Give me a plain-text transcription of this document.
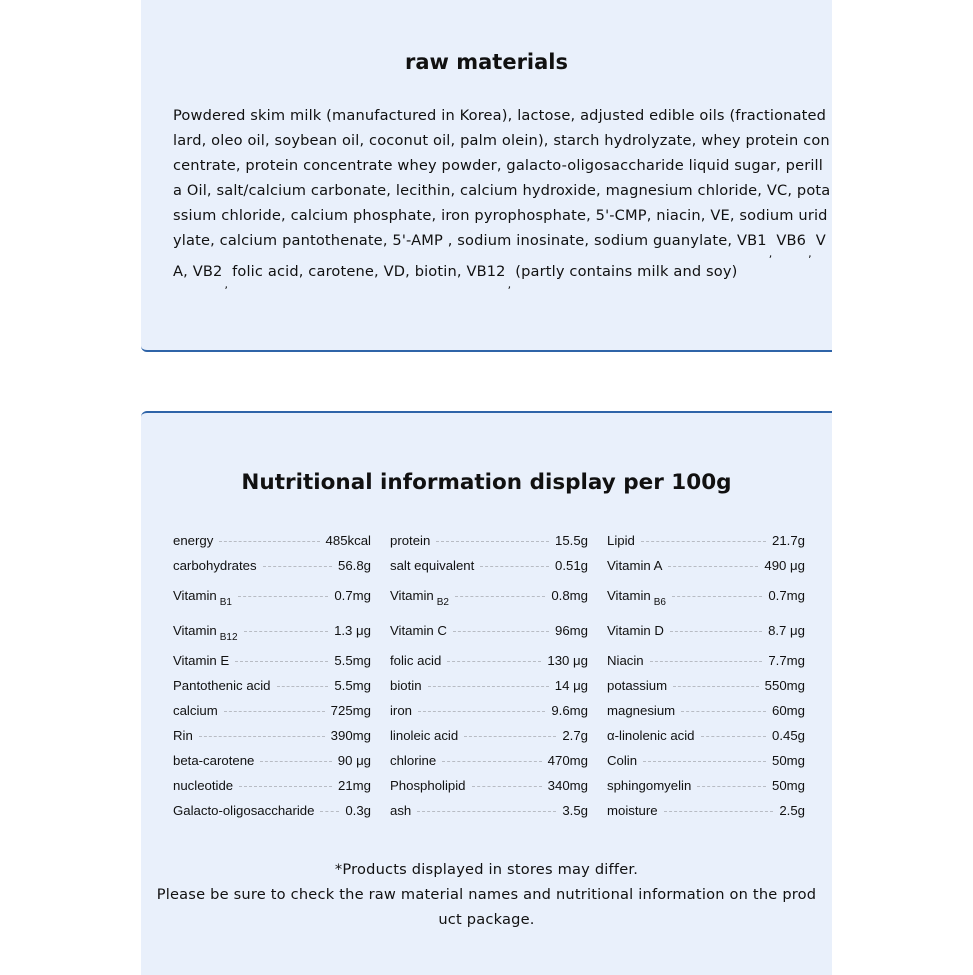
raw materials
Powdered skim milk (manufactured in Korea), lactose, adjusted edible oils (fractionated
lard, oleo oil, soybean oil, coconut oil, palm olein), starch hydrolyzate, whey protein con
centrate, protein concentrate whey powder, galacto-oligosaccharide liquid sugar, perill
a Oil, salt/calcium carbonate, lecithin, calcium hydroxide, magnesium chloride, VC, pota
ssium chloride, calcium phosphate, iron pyrophosphate, 5'-CMP, niacin, VE, sodium urid
ylate, calcium pantothenate, 5'-AMP , sodium inosinate, sodium guanylate, $VB1_,VB6_,V$
A, $VB2_,folic$ acid, carotene, VD, biotin, $VB12_,(partly$ contains milk and soy)
Nutritional information display per 100g
energy	485kcal protein	15.5g Lipid	21.7g
carbohydrates	56.8g salt equivalent	0.51g Vitamin A	490 μg
Vitamin B1	0.7mg Vitamin B2	0.8mg Vitamin B6	0.7mg
Vitamin B12	1.3 μg Vitamin C	96mg Vitamin D	8.7 μg
Vitamin E	5.5mg folic acid	130 μg Niacin	7.7mg
Pantothenic acid	5.5mg biotin	14 μg potassium	550mg
calcium	725mg iron	9.6mg magnesium	60mg
Rin	390mg linoleic acid	2.7g α-linolenic acid	0.45g
beta-carotene	90 μg chlorine	470mg Colin	50mg
nucleotide	21mg Phospholipid	340mg sphingomyelin	50mg
Galacto-oligosaccharide 0.3g ash	3.5g moisture	2.5g
*Products displayed in stores may differ.
Please be sure to check the raw material names and nutritional information on the prod
uct package.
